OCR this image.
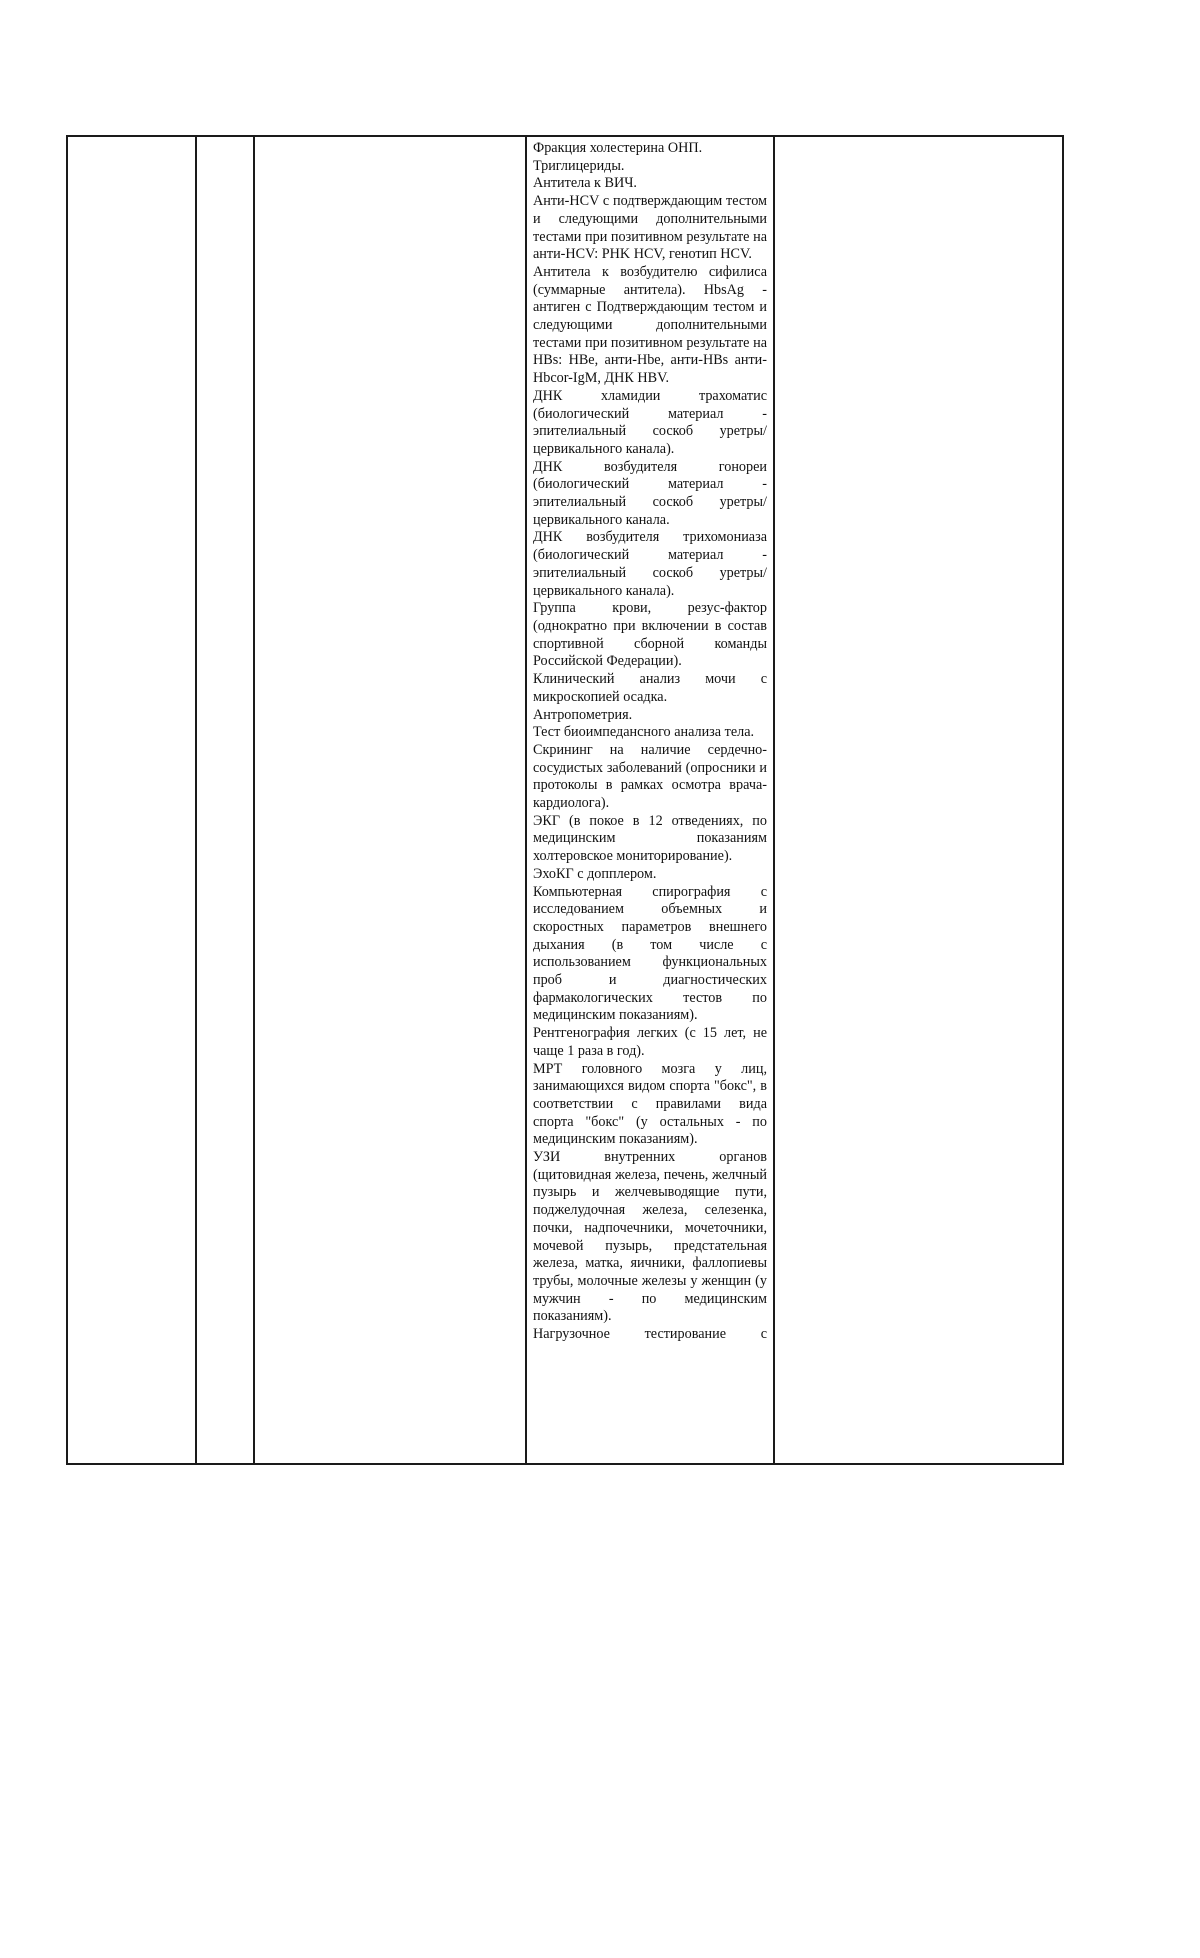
Фракция холестерина ОНП.
Триглицериды.
Антитела к ВИЧ.
Анти-HCV с подтверждающим тестом и следующими дополнительными тестами при позитивном результате на анти-HCV: PHK HCV, генотип HCV.
Антитела к возбудителю сифилиса (суммарные антитела). HbsAg - антиген с Подтверждающим тестом и следующими дополнительными тестами при позитивном результате на HBs: HBe, анти-Hbe, анти-HBs анти-Hbcor-IgM, ДНК HBV.
ДНК хламидии трахоматис (биологический материал - эпителиальный соскоб уретры/ цервикального канала).
ДНК возбудителя гонореи (биологический материал - эпителиальный соскоб уретры/ цервикального канала.
ДНК возбудителя трихомониаза (биологический материал - эпителиальный соскоб уретры/ цервикального канала).
Группа крови, резус-фактор (однократно при включении в состав спортивной сборной команды Российской Федерации).
Клинический анализ мочи с микроскопией осадка.
Антропометрия.
Тест биоимпедансного анализа тела.
Скрининг на наличие сердечно-сосудистых заболеваний (опросники и протоколы в рамках осмотра врача-кардиолога).
ЭКГ (в покое в 12 отведениях, по медицинским показаниям холтеровское мониторирование).
ЭхоКГ с допплером.
Компьютерная спирография с исследованием объемных и скоростных параметров внешнего дыхания (в том числе с использованием функциональных проб и диагностических фармакологических тестов по медицинским показаниям).
Рентгенография легких (с 15 лет, не чаще 1 раза в год).
МРТ головного мозга у лиц, занимающихся видом спорта "бокс", в соответствии с правилами вида спорта "бокс" (у остальных - по медицинским показаниям).
УЗИ внутренних органов (щитовидная железа, печень, желчный пузырь и желчевыводящие пути, поджелудочная железа, селезенка, почки, надпочечники, мочеточники, мочевой пузырь, предстательная железа, матка, яичники, фаллопиевы трубы, молочные железы у женщин (у мужчин - по медицинским показаниям).
Нагрузочное тестирование с
